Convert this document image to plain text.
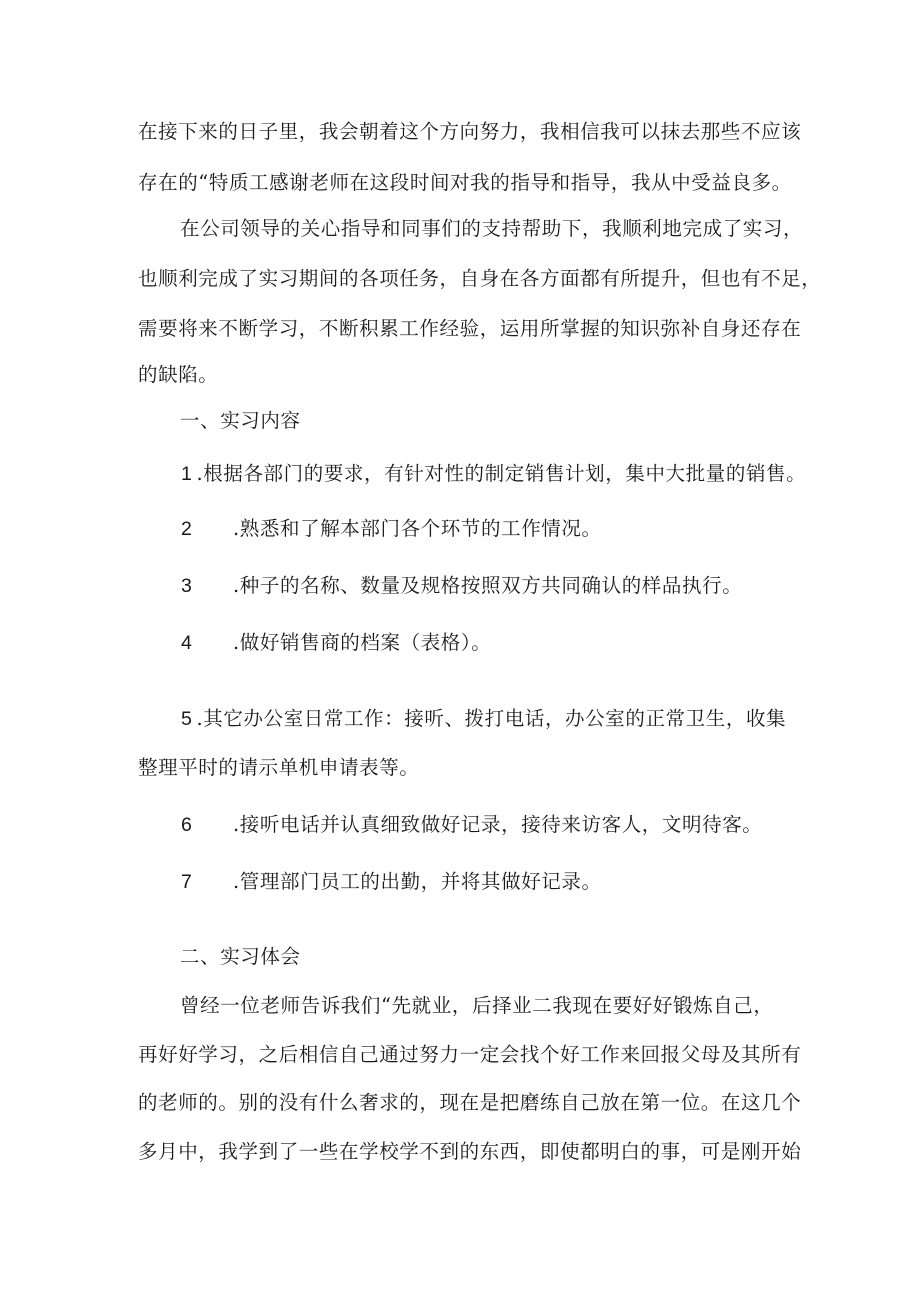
在接下来的日子里，我会朝着这个方向努力，我相信我可以抹去那些不应该
存在的“特质工感谢老师在这段时间对我的指导和指导，我从中受益良多。
在公司领导的关心指导和同事们的支持帮助下，我顺利地完成了实习，
也顺利完成了实习期间的各项任务，自身在各方面都有所提升，但也有不足，
需要将来不断学习，不断积累工作经验，运用所掌握的知识弥补自身还存在
的缺陷。
一、实习内容
1 .根据各部门的要求，有针对性的制定销售计划，集中大批量的销售。
2 .熟悉和了解本部门各个环节的工作情况。
3 .种子的名称、数量及规格按照双方共同确认的样品执行。
4 .做好销售商的档案（表格）。
5 .其它办公室日常工作：接听、拨打电话，办公室的正常卫生，收集
整理平时的请示单机申请表等。
6 .接听电话并认真细致做好记录，接待来访客人，文明待客。
7 .管理部门员工的出勤，并将其做好记录。
二、实习体会
曾经一位老师告诉我们“先就业，后择业二我现在要好好锻炼自己，
再好好学习，之后相信自己通过努力一定会找个好工作来回报父母及其所有
的老师的。别的没有什么奢求的，现在是把磨练自己放在第一位。在这几个
多月中，我学到了一些在学校学不到的东西，即使都明白的事，可是刚开始
